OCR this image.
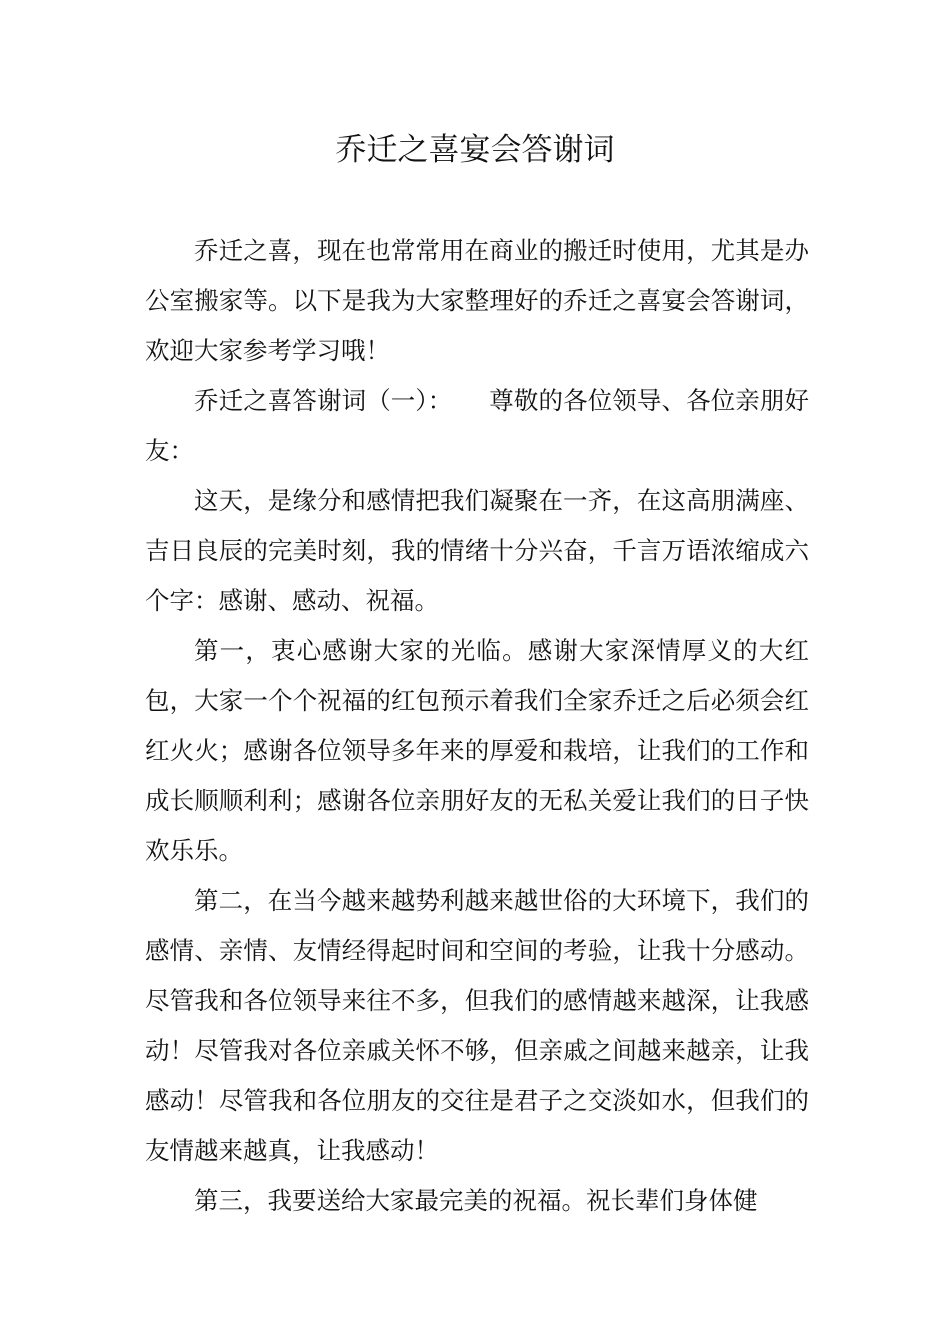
乔迁之喜宴会答谢词

乔迁之喜，现在也常常用在商业的搬迁时使用，尤其是办公室搬家等。以下是我为大家整理好的乔迁之喜宴会答谢词，欢迎大家参考学习哦！

乔迁之喜答谢词（一）：　　尊敬的各位领导、各位亲朋好友：

这天，是缘分和感情把我们凝聚在一齐，在这高朋满座、吉日良辰的完美时刻，我的情绪十分兴奋，千言万语浓缩成六个字：感谢、感动、祝福。

第一，衷心感谢大家的光临。感谢大家深情厚义的大红包，大家一个个祝福的红包预示着我们全家乔迁之后必须会红红火火；感谢各位领导多年来的厚爱和栽培，让我们的工作和成长顺顺利利；感谢各位亲朋好友的无私关爱让我们的日子快欢乐乐。

第二，在当今越来越势利越来越世俗的大环境下，我们的感情、亲情、友情经得起时间和空间的考验，让我十分感动。尽管我和各位领导来往不多，但我们的感情越来越深，让我感动！尽管我对各位亲戚关怀不够，但亲戚之间越来越亲，让我感动！尽管我和各位朋友的交往是君子之交淡如水，但我们的友情越来越真，让我感动！

第三，我要送给大家最完美的祝福。祝长辈们身体健
